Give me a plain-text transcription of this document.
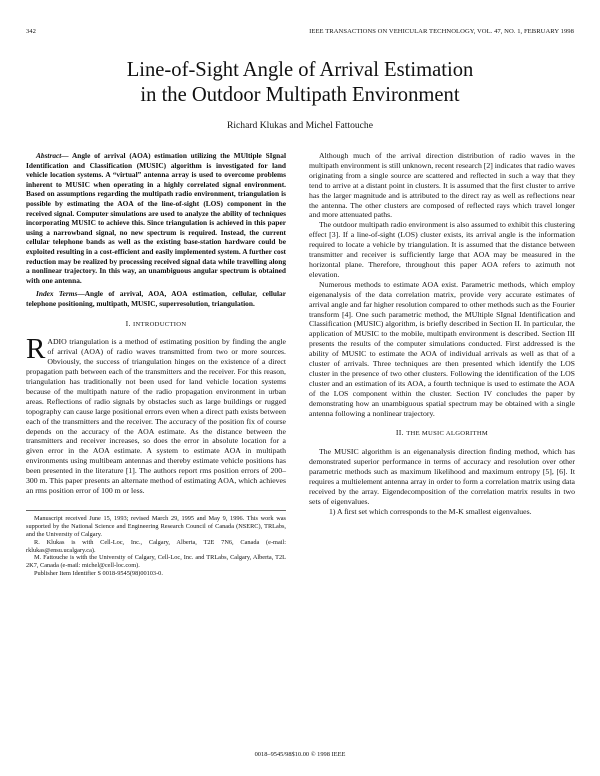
342	IEEE TRANSACTIONS ON VEHICULAR TECHNOLOGY, VOL. 47, NO. 1, FEBRUARY 1998
Line-of-Sight Angle of Arrival Estimation
in the Outdoor Multipath Environment
Richard Klukas and Michel Fattouche

Abstract— Angle of arrival (AOA) estimation utilizing the MUltiple SIgnal Identification and Classification (MUSIC) algorithm is investigated for land vehicle location systems. A “virtual” antenna array is used to overcome problems inherent to MUSIC when operating in a highly correlated signal environment. Based on assumptions regarding the multipath radio environment, triangulation is possible by estimating the AOA of the line-of-sight (LOS) component in the received signal. Computer simulations are used to analyze the ability of techniques incorporating MUSIC to achieve this. Since triangulation is achieved in this paper using a narrowband signal, no new spectrum is required. Instead, the current cellular telephone bands as well as the existing base-station hardware could be exploited resulting in a cost-efficient and easily implemented system. A further cost reduction may be realized by processing received signal data while travelling along a nonlinear trajectory. In this way, an unambiguous angular spectrum is obtained with one antenna.

Index Terms—Angle of arrival, AOA, AOA estimation, cellular, cellular telephone positioning, multipath, MUSIC, superresolution, triangulation.

I. INTRODUCTION

RADIO triangulation is a method of estimating position by finding the angle of arrival (AOA) of radio waves transmitted from two or more sources. Obviously, the success of triangulation hinges on the existence of a direct propagation path between each of the transmitters and the receiver. For this reason, triangulation has traditionally not been used for land vehicle location systems because of the multipath nature of the radio propagation environment in urban areas. Reflections of radio signals by obstacles such as large buildings or rugged topography can cause large positional errors even when a direct path exists between each of the transmitters and the receiver. The accuracy of the position fix of course depends on the accuracy of the AOA estimate. As the distance between the transmitters and receiver increases, so does the error in absolute location for a given error in the AOA estimate. A system to estimate AOA in multipath environments using multibeam antennas and thereby estimate vehicle positions has been presented in the literature [1]. The authors report rms position errors of 200–300 m. This paper presents an alternate method of estimating AOA, which achieves an rms position error of 100 m or less.

Manuscript received June 15, 1993; revised March 29, 1995 and May 9, 1996. This work was supported by the National Science and Engineering Research Council of Canada (NSERC), TRLabs, and the University of Calgary.

R. Klukas is with Cell-Loc, Inc., Calgary, Alberta, T2E 7N6, Canada (e-mail: rklukas@ensu.ucalgary.ca).

M. Fattouche is with the University of Calgary, Cell-Loc, Inc. and TRLabs, Calgary, Alberta, T2L 2K7, Canada (e-mail: michel@cell-loc.com).

Publisher Item Identifier S 0018-9545(98)00103-0.

Although much of the arrival direction distribution of radio waves in the multipath environment is still unknown, recent research [2] indicates that radio waves originating from a single source are scattered and reflected in such a way that they tend to arrive at a distant point in clusters. It is assumed that the first cluster to arrive has the larger magnitude and is attributed to the direct ray as well as reflections near the antenna. The other clusters are composed of reflected rays which travel longer and more attenuated paths.

The outdoor multipath radio environment is also assumed to exhibit this clustering effect [3]. If a line-of-sight (LOS) cluster exists, its arrival angle is the information required to locate a vehicle by triangulation. It is assumed that the distance between transmitter and receiver is sufficiently large that AOA may be measured in the horizontal plane. Therefore, throughout this paper AOA refers to azimuth not elevation.

Numerous methods to estimate AOA exist. Parametric methods, which employ eigenanalysis of the data correlation matrix, provide very accurate estimates of arrival angle and far higher resolution compared to other methods such as the Fourier transform [4]. One such parametric method, the MUltiple SIgnal Identification and Classification (MUSIC) algorithm, is briefly described in Section II. In particular, the application of MUSIC to the mobile, multipath environment is described. Section III presents the results of the computer simulations conducted. First addressed is the ability of MUSIC to estimate the AOA of individual arrivals as well as that of a cluster of arrivals. Three techniques are then presented which identify the LOS cluster in the presence of two other clusters. Following the identification of the LOS cluster and an estimation of its AOA, a fourth technique is used to estimate the AOA of the LOS component within the cluster. Section IV concludes the paper by demonstrating how an unambiguous spatial spectrum may be obtained with a single antenna following a nonlinear trajectory.

II. THE MUSIC ALGORITHM

The MUSIC algorithm is an eigenanalysis direction finding method, which has demonstrated superior performance in terms of accuracy and resolution over other parametric methods such as maximum likelihood and maximum entropy [5], [6]. It requires a multielement antenna array in order to form a correlation matrix using data received by the array. Eigendecomposition of the correlation matrix results in two sets of eigenvalues.

1) A first set which corresponds to the M-K smallest eigenvalues.

0018–9545/98$10.00 © 1998 IEEE
